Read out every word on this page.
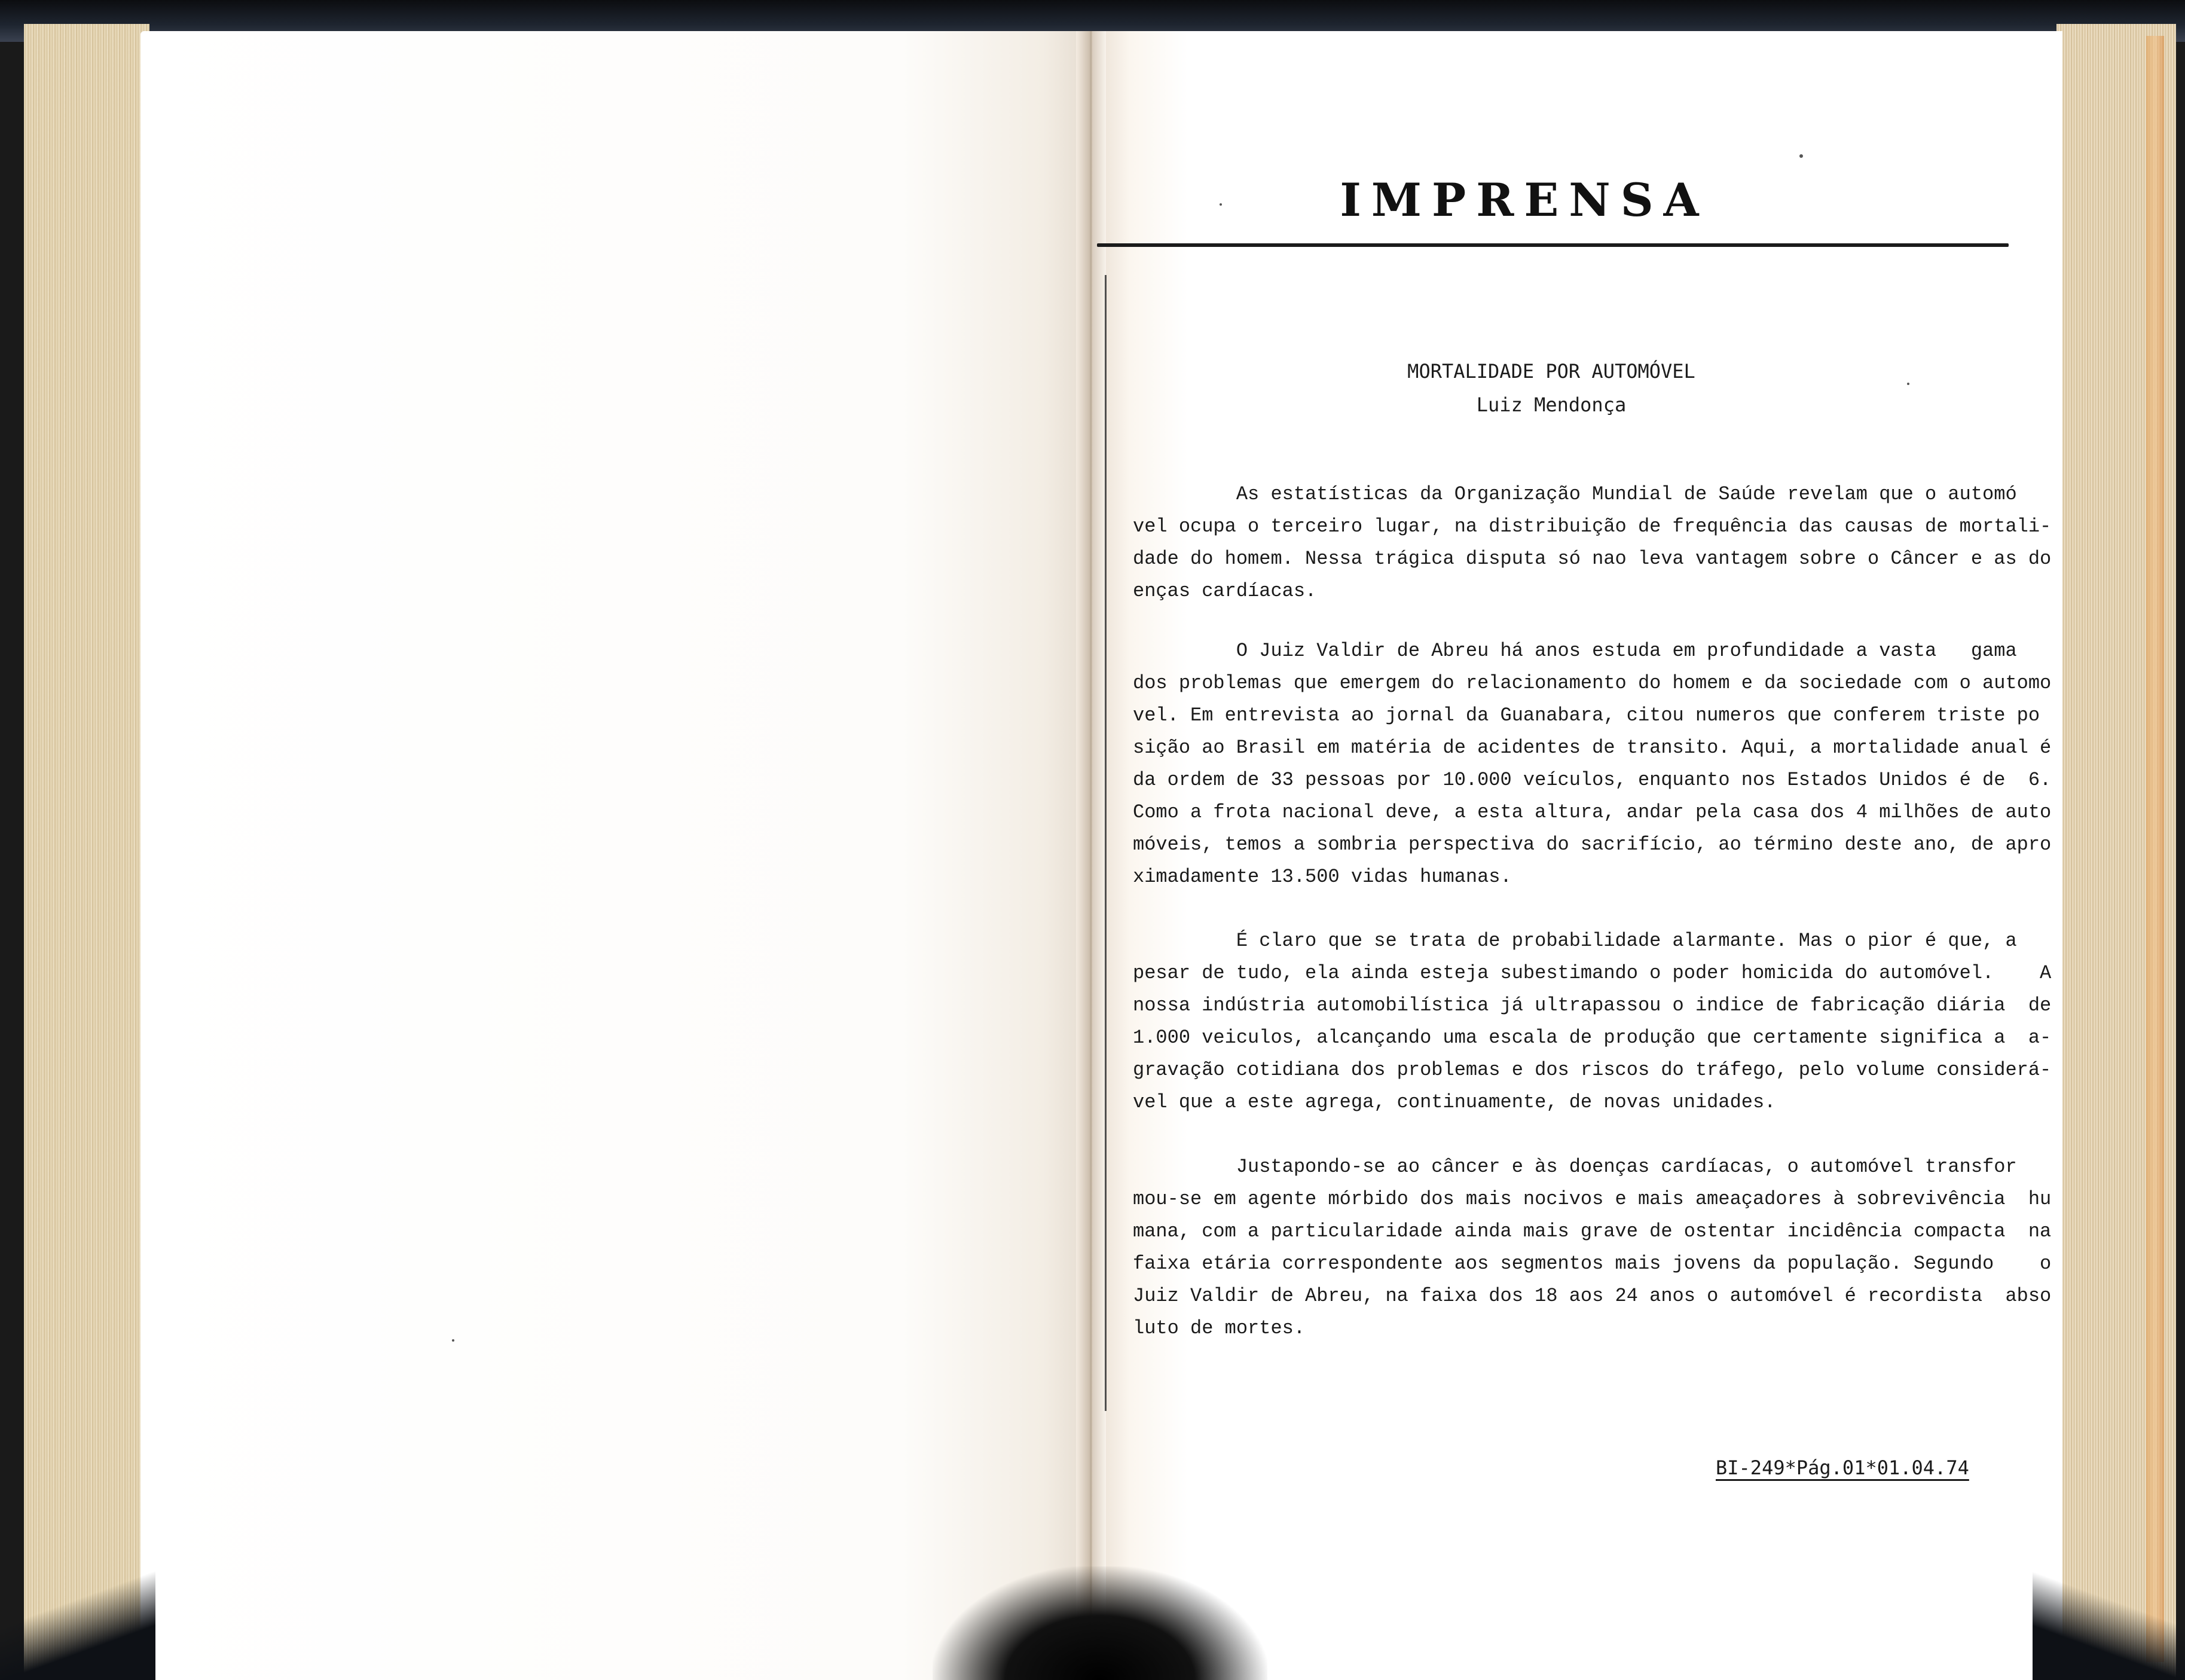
IMPRENSA
MORTALIDADE POR AUTOMÓVEL
Luiz Mendonça

As estatísticas da Organização Mundial de Saúde revelam que o
vel ocupa o terceiro lugar, na distribuição de frequência das causas
dade do homem. Nessa trágica disputa só nao leva vantagem sobre o Câncer
enças cardíacas.

O Juiz Valdir de Abreu há anos estuda em profundidade a vasta
dos problemas que emergem do relacionamento do homem e da sociedade com
vel. Em entrevista ao jornal da Guanabara, citou numeros que conferem
sição ao Brasil em matéria de acidentes de transito. Aqui, a mortalidade
da ordem de 33 pessoas por 10.000 veículos, enquanto nos Estados Unidos
Como a frota nacional deve, a esta altura, andar pela casa dos 4 milhões
móveis, temos a sombria perspectiva do sacrifício, ao término deste
ximadamente 13.500 vidas humanas.

É claro que se trata de probabilidade alarmante. Mas o pior é
pesar de tudo, ela ainda esteja subestimando o poder homicida do
nossa indústria automobilística já ultrapassou o indice de fabricação
1.000 veiculos, alcançando uma escala de produção que certamente significa
gravação cotidiana dos problemas e dos riscos do tráfego, pelo volume
vel que a este agrega, continuamente, de novas unidades.

Justapondo-se ao câncer e às doenças cardíacas, o automóvel
mou-se em agente mórbido dos mais nocivos e mais ameaçadores à sobrevivência
mana, com a particularidade ainda mais grave de ostentar incidência
faixa etária correspondente aos segmentos mais jovens da população.
Juiz Valdir de Abreu, na faixa dos 18 aos 24 anos o automóvel é recordista
luto de mortes.

BI-249*Pág.01*01.04.74
